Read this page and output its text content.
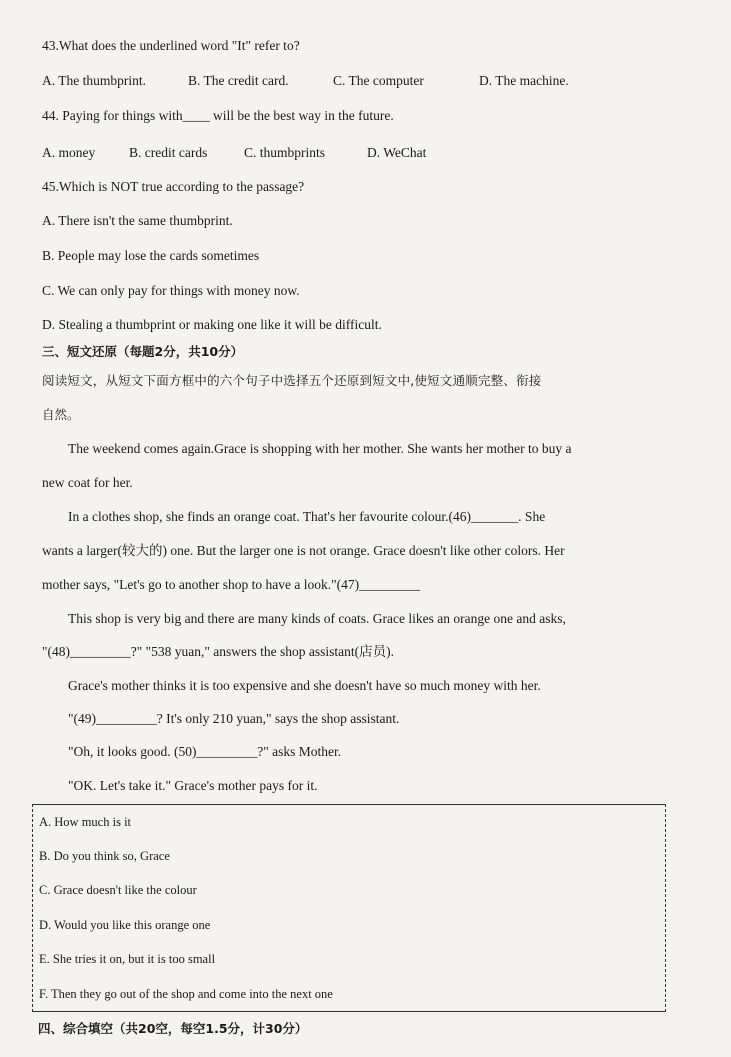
43.What does the underlined word "It" refer to?
A. The thumbprint.	B. The credit card.	C. The computer	D. The machine.
44. Paying for things with____ will be the best way in the future.
A. money	B. credit cards	C. thumbprints	D. WeChat
45.Which is NOT true according to the passage?
A. There isn't the same thumbprint.
B. People may lose the cards sometimes
C. We can only pay for things with money now.
D. Stealing a thumbprint or making one like it will be difficult.
三、短文还原（每题2分，共10分）
阅读短文，从短文下面方框中的六个句子中选择五个还原到短文中,使短文通顺完整、衔接
自然。
The weekend comes again.Grace is shopping with her mother. She wants her mother to buy a
new coat for her.
In a clothes shop, she finds an orange coat. That's her favourite colour.(46)_______. She
wants a larger(较大的) one. But the larger one is not orange. Grace doesn't like other colors. Her
mother says, "Let's go to another shop to have a look."(47)_________
This shop is very big and there are many kinds of coats. Grace likes an orange one and asks,
"(48)_________?" "538 yuan," answers the shop assistant(店员).
Grace's mother thinks it is too expensive and she doesn't have so much money with her.
"(49)_________? It's only 210 yuan," says the shop assistant.
"Oh, it looks good. (50)_________?" asks Mother.
"OK. Let's take it." Grace's mother pays for it.
A. How much is it
B. Do you think so, Grace
C. Grace doesn't like the colour
D. Would you like this orange one
E. She tries it on, but it is too small
F. Then they go out of the shop and come into the next one
四、综合填空（共20空，每空1.5分，计30分）
